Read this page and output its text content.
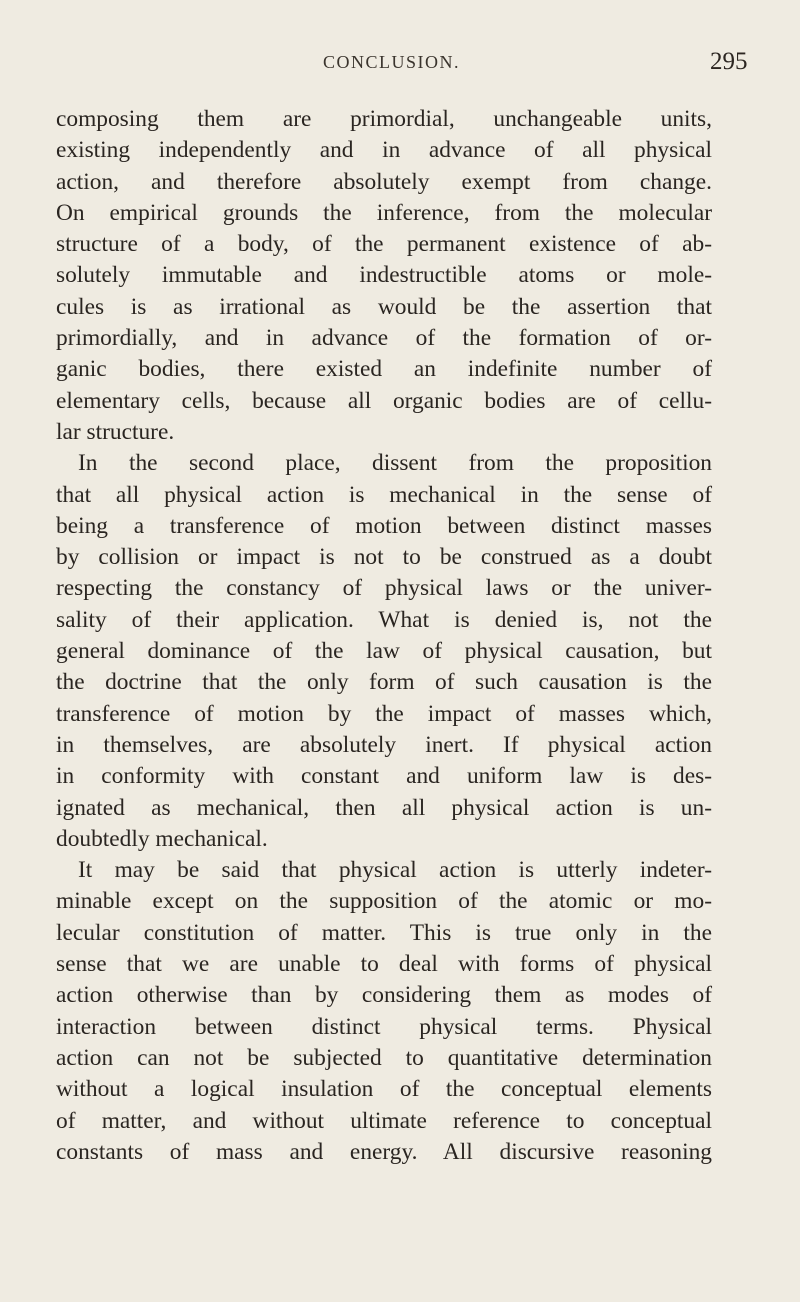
CONCLUSION.	295
composing them are primordial, unchangeable units,
existing independently and in advance of all physical
action, and therefore absolutely exempt from change.
On empirical grounds the inference, from the molecular
structure of a body, of the permanent existence of ab-
solutely immutable and indestructible atoms or mole-
cules is as irrational as would be the assertion that
primordially, and in advance of the formation of or-
ganic bodies, there existed an indefinite number of
elementary cells, because all organic bodies are of cellu-
lar structure.
In the second place, dissent from the proposition
that all physical action is mechanical in the sense of
being a transference of motion between distinct masses
by collision or impact is not to be construed as a doubt
respecting the constancy of physical laws or the univer-
sality of their application. What is denied is, not the
general dominance of the law of physical causation, but
the doctrine that the only form of such causation is the
transference of motion by the impact of masses which,
in themselves, are absolutely inert. If physical action
in conformity with constant and uniform law is des-
ignated as mechanical, then all physical action is un-
doubtedly mechanical.
It may be said that physical action is utterly indeter-
minable except on the supposition of the atomic or mo-
lecular constitution of matter. This is true only in the
sense that we are unable to deal with forms of physical
action otherwise than by considering them as modes of
interaction between distinct physical terms. Physical
action can not be subjected to quantitative determination
without a logical insulation of the conceptual elements
of matter, and without ultimate reference to conceptual
constants of mass and energy. All discursive reasoning
